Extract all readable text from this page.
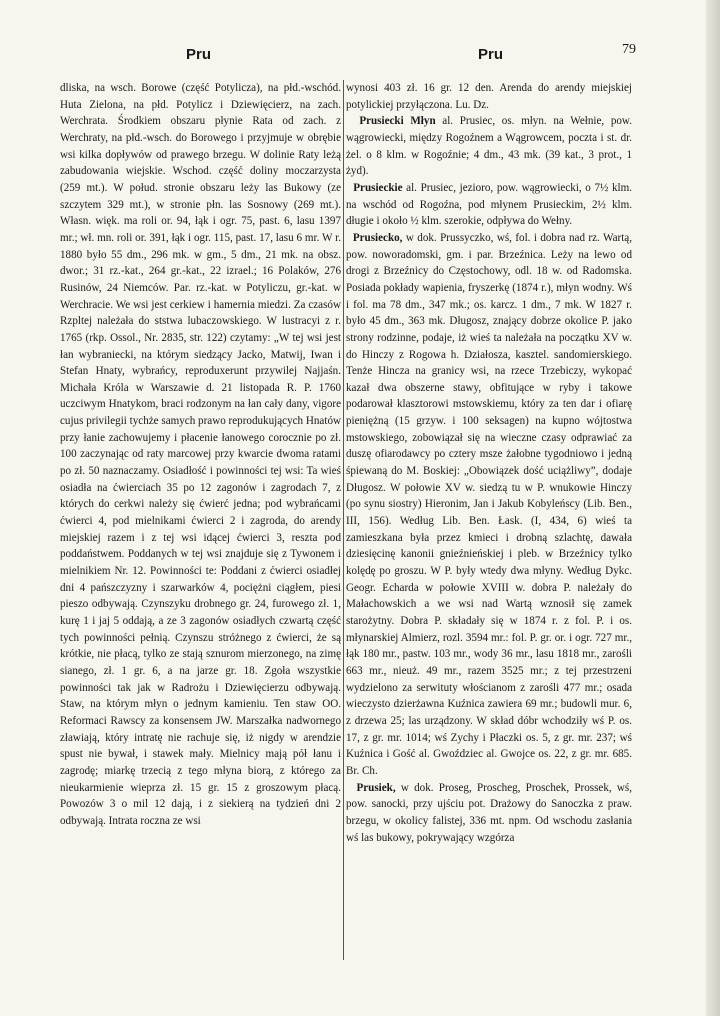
Pru	Pru	79

dliska, na wsch. Borowe (część Potylicza), na płd.-wschód. Huta Zielona, na płd. Potylicz i Dziewięcierz, na zach. Werchrata. Środkiem obszaru płynie Rata od zach. z Werchraty, na płd.-wsch. do Borowego i przyjmuje w obrębie wsi kilka dopływów od prawego brzegu. W dolinie Raty leżą zabudowania wiejskie. Wschod. część doliny moczarzysta (259 mt.). W połud. stronie obszaru leży las Bukowy (ze szczytem 329 mt.), w stronie płn. las Sosnowy (269 mt.). Własn. więk. ma roli or. 94, łąk i ogr. 75, past. 6, lasu 1397 mr.; wł. mn. roli or. 391, łąk i ogr. 115, past. 17, lasu 6 mr. W r. 1880 było 55 dm., 296 mk. w gm., 5 dm., 21 mk. na obsz. dwor.; 31 rz.-kat., 264 gr.-kat., 22 izrael.; 16 Polaków, 276 Rusinów, 24 Niemców. Par. rz.-kat. w Potyliczu, gr.-kat. w Werchracie. We wsi jest cerkiew i hamernia miedzi. Za czasów Rzpltej należała do ststwa lubaczowskiego. W lustracyi z r. 1765 (rkp. Ossol., Nr. 2835, str. 122) czytamy: „W tej wsi jest łan wybraniecki, na którym siedzący Jacko, Matwij, Iwan i Stefan Hnaty, wybrańcy, reproduxerunt przywilej Najjaśn. Michała Króla w Warszawie d. 21 listopada R. P. 1760 uczciwym Hnatykom, braci rodzonym na łan cały dany, vigore cujus privilegii tychże samych prawo reprodukujących Hnatów przy łanie zachowujemy i płacenie łanowego corocznie po zł. 100 zaczynając od raty marcowej przy kwarcie dwoma ratami po zł. 50 naznaczamy. Osiadłość i powinności tej wsi: Ta wieś osiadła na ćwierciach 35 po 12 zagonów i zagrodach 7, z których do cerkwi należy się ćwierć jedna; pod wybrańcami ćwierci 4, pod mielnikami ćwierci 2 i zagroda, do arendy miejskiej razem i z tej wsi idącej ćwierci 3, reszta pod poddaństwem. Poddanych w tej wsi znajduje się z Tywonem i mielnikiem Nr. 12. Powinności te: Poddani z ćwierci osiadłej dni 4 pańszczyzny i szarwarków 4, pociężni ciągłem, piesi pieszo odbywają. Czynszyku drobnego gr. 24, furowego zł. 1, kurę 1 i jaj 5 oddają, a ze 3 zagonów osiadłych czwartą część tych powinności pełnią. Czynszu stróżnego z ćwierci, że są krótkie, nie płacą, tylko ze stają sznurom mierzonego, na zimę sianego, zł. 1 gr. 6, a na jarze gr. 18. Zgoła wszystkie powinności tak jak w Radrożu i Dziewięcierzu odbywają. Staw, na którym młyn o jednym kamieniu. Ten staw OO. Reformaci Rawscy za konsensem JW. Marszałka nadwornego zławiają, który intratę nie rachuje się, iż nigdy w arendzie spust nie bywał, i stawek mały. Mielnicy mają pół łanu i zagrodę; miarkę trzecią z tego młyna biorą, z którego za nieukarmienie wieprza zł. 15 gr. 15 z groszowym płacą. Powozów 3 o mil 12 dają, i z siekierą na tydzień dni 2 odbywają. Intrata roczna ze wsi

wynosi 403 zł. 16 gr. 12 den. Arenda do arendy miejskiej potylickiej przyłączona. Lu. Dz.

Prusiecki Młyn al. Prusiec, os. młyn. na Wełnie, pow. wągrowiecki, między Rogoźnem a Wągrowcem, poczta i st. dr. żel. o 8 klm. w Rogoźnie; 4 dm., 43 mk. (39 kat., 3 prot., 1 żyd).

Prusieckie al. Prusiec, jezioro, pow. wągrowiecki, o 7½ klm. na wschód od Rogoźna, pod młynem Prusieckim, 2½ klm. długie i około ½ klm. szerokie, odpływa do Wełny.

Prusiecko, w dok. Prussyczko, wś, fol. i dobra nad rz. Wartą, pow. noworadomski, gm. i par. Brzeźnica. Leży na lewo od drogi z Brzeźnicy do Częstochowy, odl. 18 w. od Radomska. Posiada pokłady wapienia, fryszerkę (1874 r.), młyn wodny. Wś i fol. ma 78 dm., 347 mk.; os. karcz. 1 dm., 7 mk. W 1827 r. było 45 dm., 363 mk. Długosz, znający dobrze okolice P. jako strony rodzinne, podaje, iż wieś ta należała na początku XV w. do Hinczy z Rogowa h. Działosza, kasztel. sandomierskiego. Tenże Hincza na granicy wsi, na rzece Trzebiczy, wykopać kazał dwa obszerne stawy, obfitujące w ryby i takowe podarował klasztorowi mstowskiemu, który za ten dar i ofiarę pieniężną (15 grzyw. i 100 seksagen) na kupno wójtostwa mstowskiego, zobowiązał się na wieczne czasy odprawiać za duszę ofiarodawcy po cztery msze żałobne tygodniowo i jedną śpiewaną do M. Boskiej: „Obowiązek dość uciążliwy”, dodaje Długosz. W połowie XV w. siedzą tu w P. wnukowie Hinczy (po synu siostry) Hieronim, Jan i Jakub Kobyleńscy (Lib. Ben., III, 156). Według Lib. Ben. Łask. (I, 434, 6) wieś ta zamieszkana była przez kmieci i drobną szlachtę, dawała dziesięcinę kanonii gnieźnieńskiej i pleb. w Brzeźnicy tylko kolędę po groszu. W P. były wtedy dwa młyny. Według Dykc. Geogr. Echarda w połowie XVIII w. dobra P. należały do Małachowskich a we wsi nad Wartą wznosił się zamek starożytny. Dobra P. składały się w 1874 r. z fol. P. i os. młynarskiej Almierz, rozl. 3594 mr.: fol. P. gr. or. i ogr. 727 mr., łąk 180 mr., pastw. 103 mr., wody 36 mr., lasu 1818 mr., zarośli 663 mr., nieuż. 49 mr., razem 3525 mr.; z tej przestrzeni wydzielono za serwituty włościanom z zarośli 477 mr.; osada wieczysto dzierżawna Kuźnica zawiera 69 mr.; budowli mur. 6, z drzewa 25; las urządzony. W skład dóbr wchodziły wś P. os. 17, z gr. mr. 1014; wś Zychy i Płaczki os. 5, z gr. mr. 237; wś Kuźnica i Gość al. Gwoździec al. Gwojce os. 22, z gr. mr. 685. Br. Ch.

Prusiek, w dok. Proseg, Proscheg, Proschek, Prossek, wś, pow. sanocki, przy ujściu pot. Drażowy do Sanoczka z praw. brzegu, w okolicy falistej, 336 mt. npm. Od wschodu zasłania wś las bukowy, pokrywający wzgórza
